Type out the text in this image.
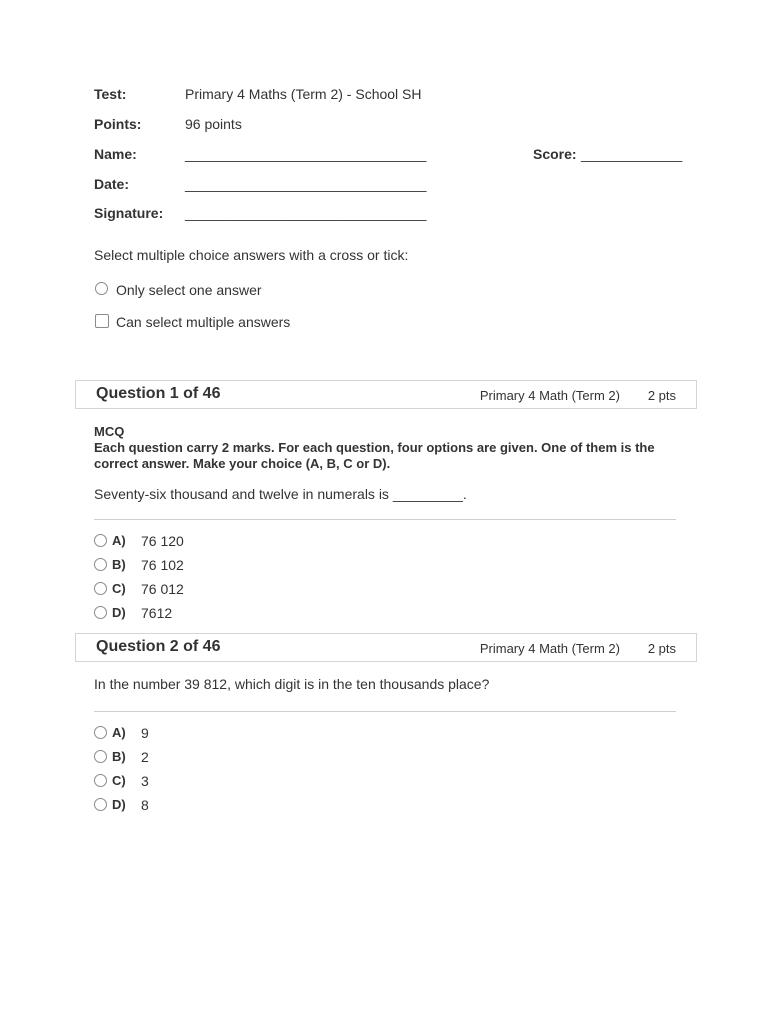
Test:	Primary 4 Maths (Term 2) - School SH
Points:	96 points
Name:	_______________________________	Score: _____________
Date:	_______________________________
Signature: _______________________________
Select multiple choice answers with a cross or tick:
Only select one answer
Can select multiple answers
Question 1 of 46	Primary 4 Math (Term 2) 2 pts
MCQ
Each question carry 2 marks. For each question, four options are given. One of them is the correct answer. Make your choice (A, B, C or D).
Seventy-six thousand and twelve in numerals is _________.
A) 76 120
B) 76 102
C) 76 012
D) 7612
Question 2 of 46	Primary 4 Math (Term 2) 2 pts
In the number 39 812, which digit is in the ten thousands place?
A) 9
B) 2
C) 3
D) 8
